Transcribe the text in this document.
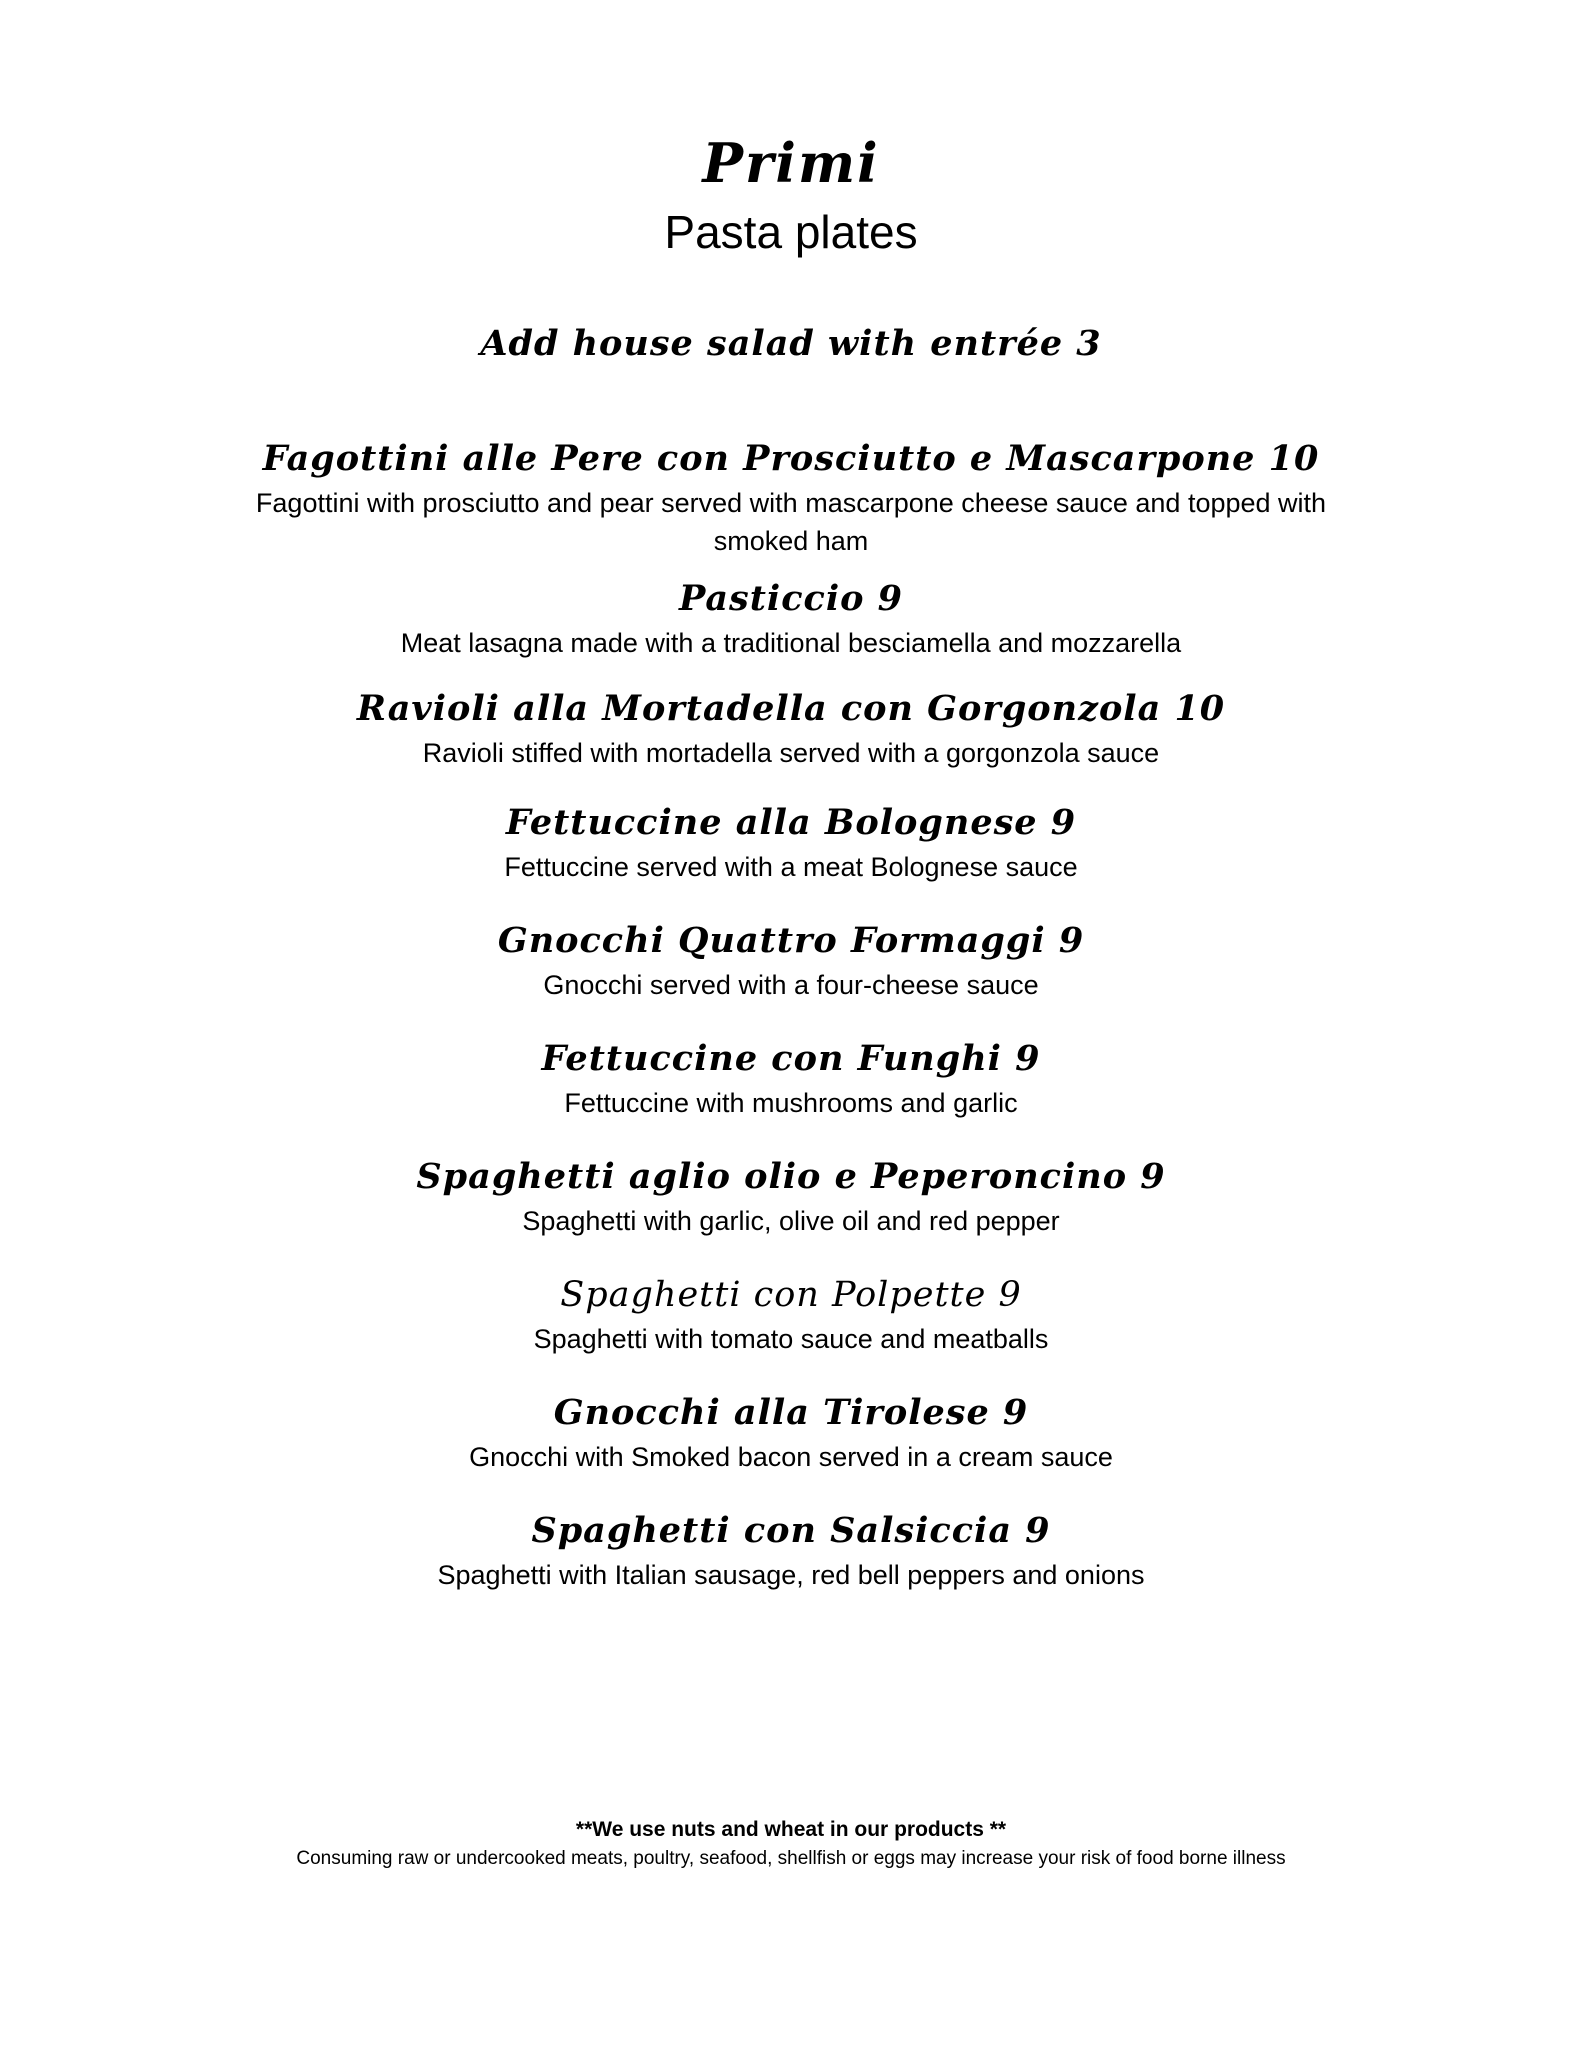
Primi
Pasta plates
Add house salad with entrée 3
Fagottini alle Pere con Prosciutto e Mascarpone 10
Fagottini with prosciutto and pear served with mascarpone cheese sauce and topped with smoked ham
Pasticcio 9
Meat lasagna made with a traditional besciamella and mozzarella
Ravioli alla Mortadella con Gorgonzola 10
Ravioli stiffed with mortadella served with a gorgonzola sauce
Fettuccine alla Bolognese 9
Fettuccine served with a meat Bolognese sauce
Gnocchi Quattro Formaggi 9
Gnocchi served with a four-cheese sauce
Fettuccine con Funghi 9
Fettuccine with mushrooms and garlic
Spaghetti aglio olio e Peperoncino 9
Spaghetti with garlic, olive oil and red pepper
Spaghetti con Polpette 9
Spaghetti with tomato sauce and meatballs
Gnocchi alla Tirolese 9
Gnocchi with Smoked bacon served in a cream sauce
Spaghetti con Salsiccia 9
Spaghetti with Italian sausage, red bell peppers and onions
**We use nuts and wheat in our products **
Consuming raw or undercooked meats, poultry, seafood, shellfish or eggs may increase your risk of food borne illness
